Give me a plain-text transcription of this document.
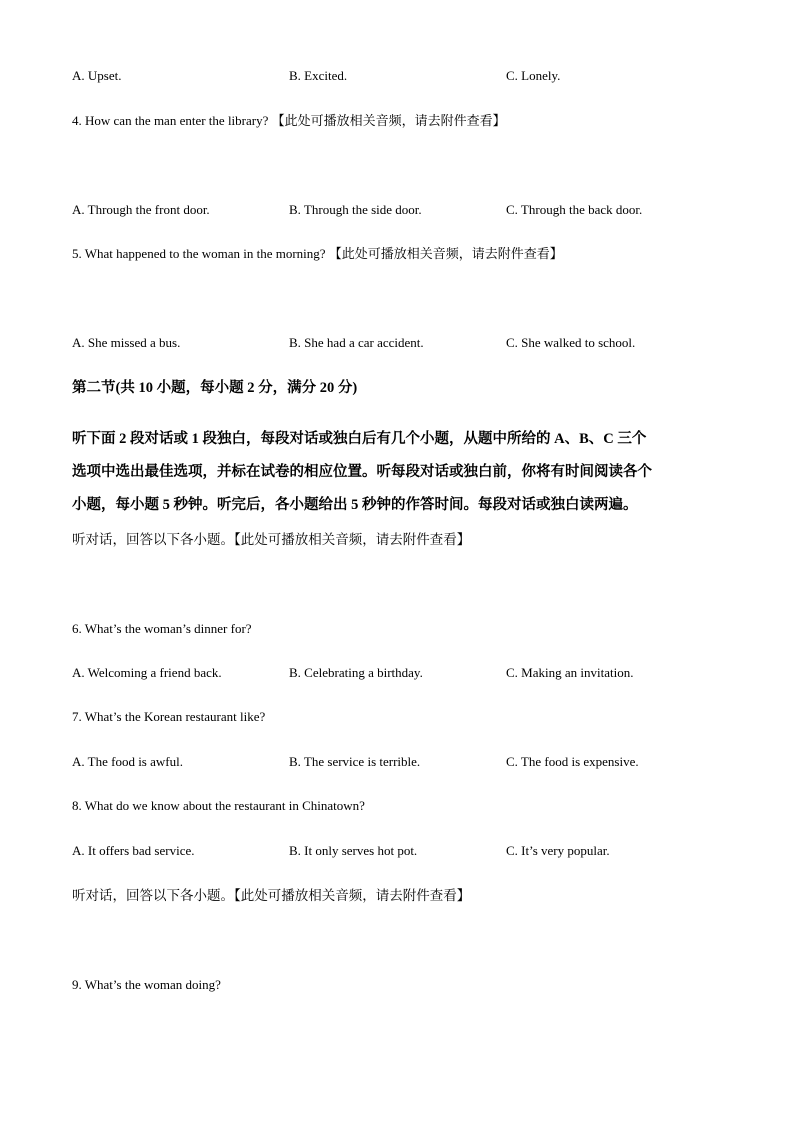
A. Upset.	B. Excited.	C. Lonely.
4. How can the man enter the library? 【此处可播放相关音频，请去附件查看】
A. Through the front door.	B. Through the side door.	C. Through the back door.
5. What happened to the woman in the morning? 【此处可播放相关音频，请去附件查看】
A. She missed a bus.	B. She had a car accident.	C. She walked to school.
第二节(共 10 小题，每小题 2 分，满分 20 分)
听下面 2 段对话或 1 段独白，每段对话或独白后有几个小题，从题中所给的 A、B、C 三个
选项中选出最佳选项，并标在试卷的相应位置。听每段对话或独白前，你将有时间阅读各个
小题，每小题 5 秒钟。听完后，各小题给出 5 秒钟的作答时间。每段对话或独白读两遍。
听对话，回答以下各小题。【此处可播放相关音频，请去附件查看】
6. What’s the woman’s dinner for?
A. Welcoming a friend back.	B. Celebrating a birthday.	C. Making an invitation.
7. What’s the Korean restaurant like?
A. The food is awful.	B. The service is terrible.	C. The food is expensive.
8. What do we know about the restaurant in Chinatown?
A. It offers bad service.	B. It only serves hot pot.	C. It’s very popular.
听对话，回答以下各小题。【此处可播放相关音频，请去附件查看】
9. What’s the woman doing?
